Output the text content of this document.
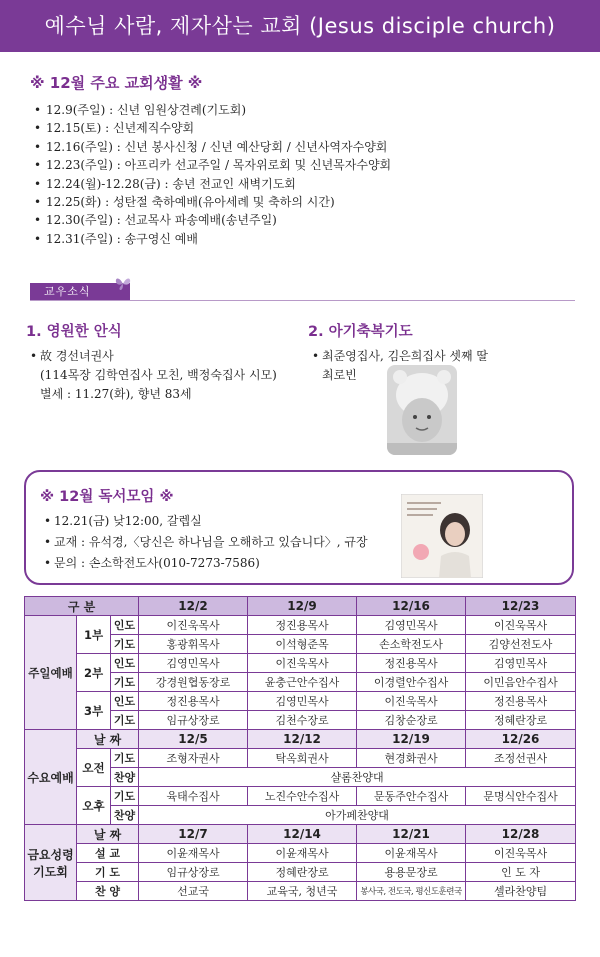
예수님 사람, 제자삼는 교회 (Jesus disciple church)
※ 12월 주요 교회생활 ※
• 12.9(주일) : 신년 임원상견례(기도회)
• 12.15(토) : 신년제직수양회
• 12.16(주일) : 신년 봉사신청 / 신년 예산당회 / 신년사역자수양회
• 12.23(주일) : 아프리카 선교주일 / 목자위로회 및 신년목자수양회
• 12.24(월)-12.28(금) : 송년 전교인 새벽기도회
• 12.25(화) : 성탄절 축하예배(유아세례 및 축하의 시간)
• 12.30(주일) : 선교목사 파송예배(송년주일)
• 12.31(주일) : 송구영신 예배
교우소식
1. 영원한 안식
• 故 경선녀권사
(114목장 김학연집사 모친, 백정숙집사 시모)
별세 : 11.27(화), 향년 83세
2. 아기축복기도
• 최준영집사, 김은희집사 셋째 딸
최로빈
※ 12월 독서모임 ※
• 12.21(금) 낮12:00, 갈렙실
• 교재 : 유석경,〈당신은 하나님을 오해하고 있습니다〉, 규장
• 문의 : 손소학전도사(010-7273-7586)
구 분			12/2	12/9	12/16	12/23
주일예배	1부	인도	이진욱목사	정진용목사	김영민목사	이진욱목사
		기도	홍광휘목사	이석형준목	손소학전도사	김양선전도사
	2부	인도	김영민목사	이진욱목사	정진용목사	김영민목사
		기도	강경원협동장로	윤충근안수집사	이경렬안수집사	이민음안수집사
	3부	인도	정진용목사	김영민목사	이진욱목사	정진용목사
		기도	임규상장로	김천수장로	김창순장로	정혜란장로
수요예배	날 짜		12/5	12/12	12/19	12/26
	오전	기도	조형자권사	탁옥희권사	현경화권사	조정선권사
		찬양	샬롬찬양대			
	오후	기도	육태수집사	노진수안수집사	문동주안수집사	문명식안수집사
		찬양	아가페찬양대			

금요성령
기도회	날 짜		12/7	12/14	12/21	12/28
	설 교		이윤재목사	이윤재목사	이윤재목사	이진욱목사
	기 도		임규상장로	정혜란장로	용용문장로	인 도 자
	찬 양		선교국	교육국, 청년국	봉사국, 전도국, 평신도훈련국	셀라찬양팀
